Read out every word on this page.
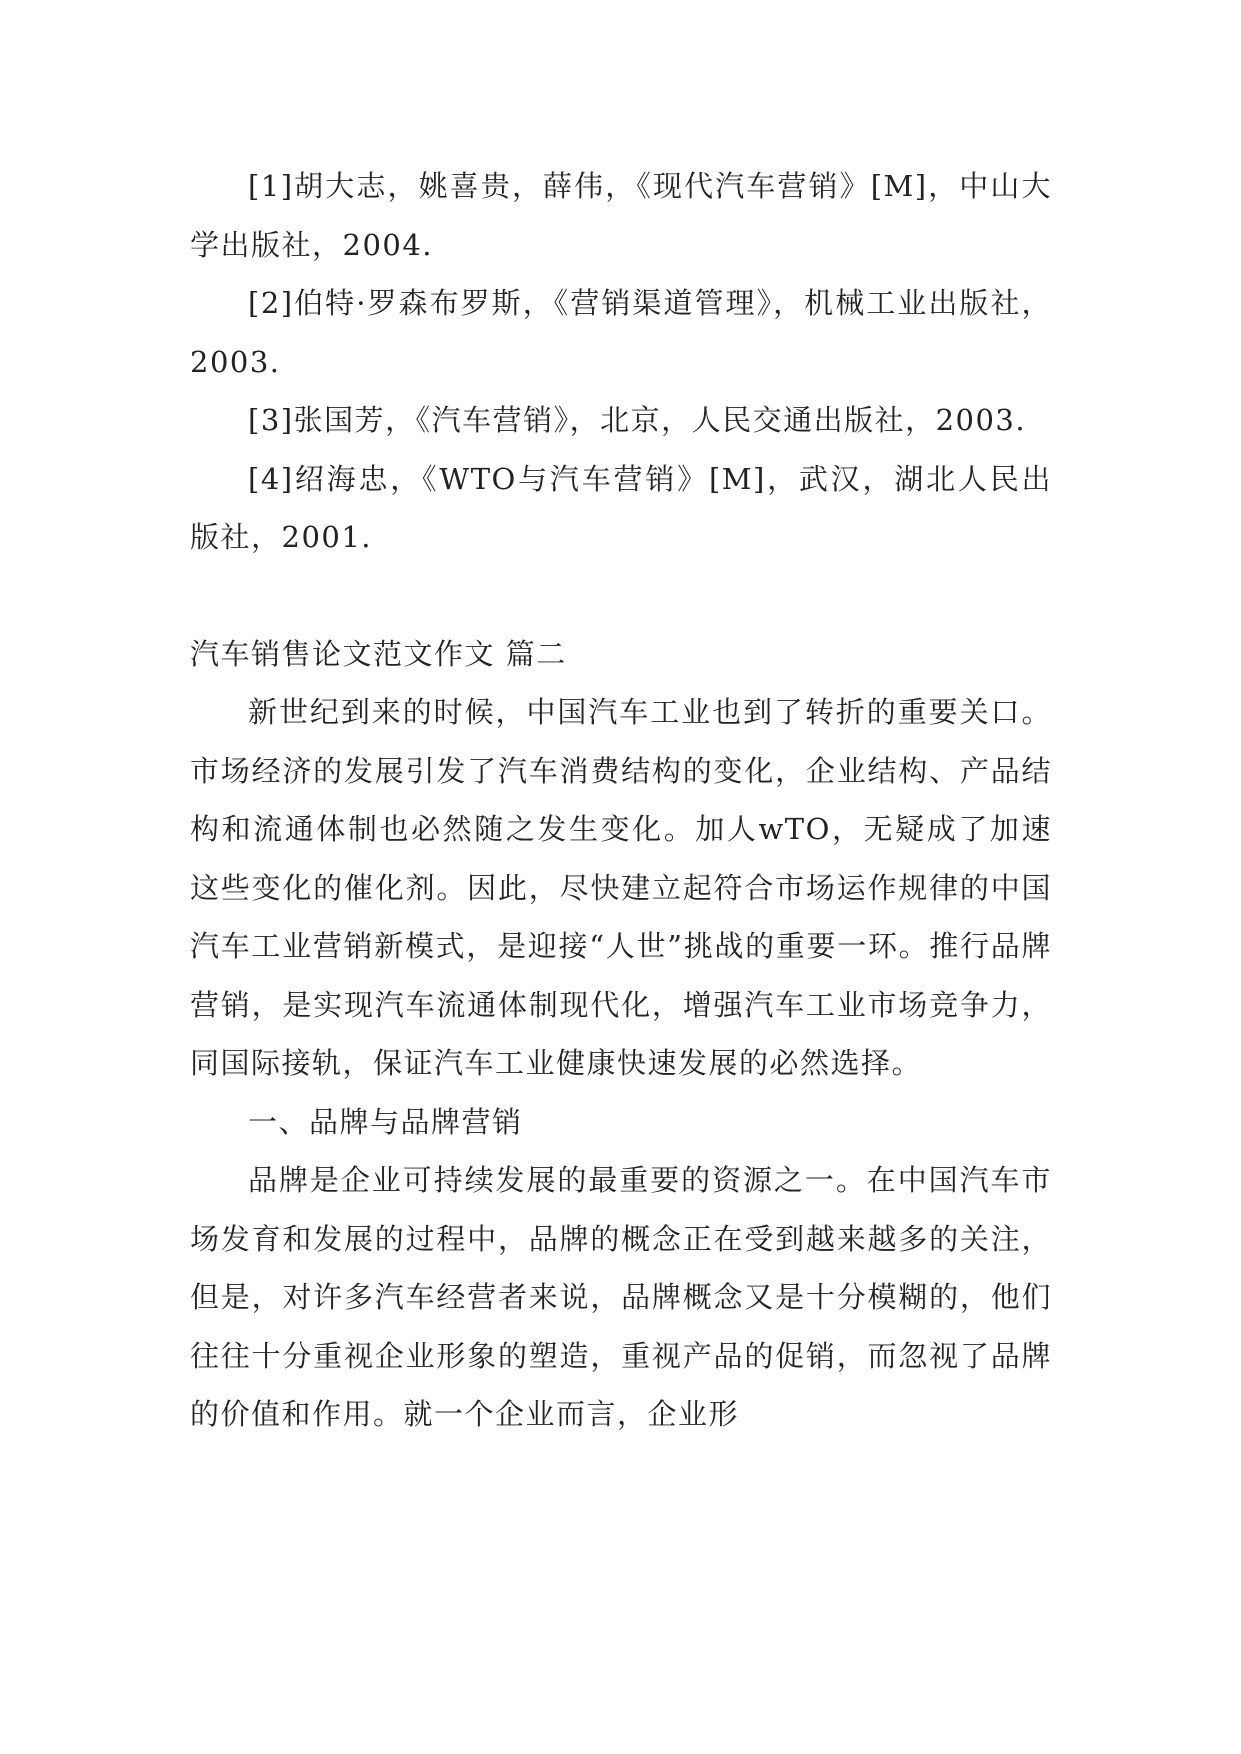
[1]胡大志，姚喜贵，薛伟，《现代汽车营销》[M]，中山大学出版社，2004.

[2]伯特·罗森布罗斯，《营销渠道管理》，机械工业出版社，2003.

[3]张国芳，《汽车营销》，北京，人民交通出版社，2003.

[4]绍海忠，《WTO与汽车营销》[M]，武汉，湖北人民出版社，2001.

汽车销售论文范文作文 篇二

新世纪到来的时候，中国汽车工业也到了转折的重要关口。市场经济的发展引发了汽车消费结构的变化，企业结构、产品结构和流通体制也必然随之发生变化。加人wTO，无疑成了加速这些变化的催化剂。因此，尽快建立起符合市场运作规律的中国汽车工业营销新模式，是迎接“人世”挑战的重要一环。推行品牌营销，是实现汽车流通体制现代化，增强汽车工业市场竞争力，同国际接轨，保证汽车工业健康快速发展的必然选择。

一、品牌与品牌营销

品牌是企业可持续发展的最重要的资源之一。在中国汽车市场发育和发展的过程中，品牌的概念正在受到越来越多的关注，但是，对许多汽车经营者来说，品牌概念又是十分模糊的，他们往往十分重视企业形象的塑造，重视产品的促销，而忽视了品牌的价值和作用。就一个企业而言，企业形
